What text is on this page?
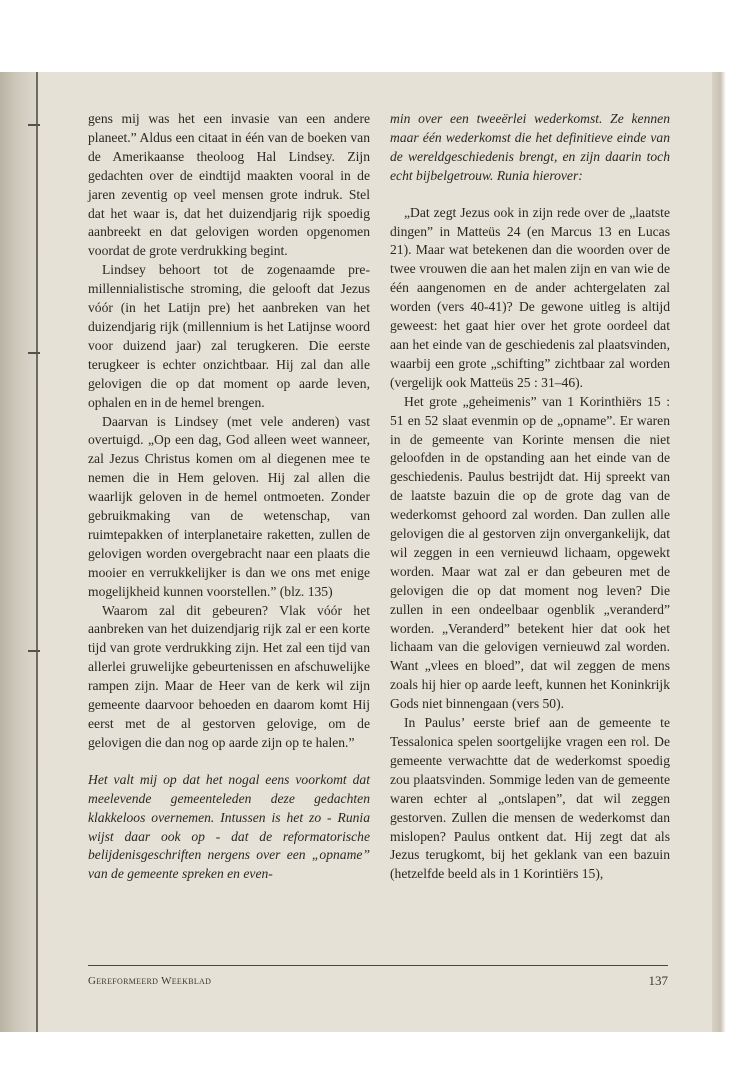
gens mij was het een invasie van een andere planeet.” Aldus een citaat in één van de boeken van de Amerikaanse theoloog Hal Lindsey. Zijn gedachten over de eindtijd maakten vooral in de jaren zeventig op veel mensen grote indruk. Stel dat het waar is, dat het duizendjarig rijk spoedig aanbreekt en dat gelovigen worden opgenomen voordat de grote verdrukking begint.

Lindsey behoort tot de zogenaamde pre-millennialistische stroming, die gelooft dat Jezus vóór (in het Latijn pre) het aanbreken van het duizendjarig rijk (millennium is het Latijnse woord voor duizend jaar) zal terugkeren. Die eerste terugkeer is echter onzichtbaar. Hij zal dan alle gelovigen die op dat moment op aarde leven, ophalen en in de hemel brengen.

Daarvan is Lindsey (met vele anderen) vast overtuigd. „Op een dag, God alleen weet wanneer, zal Jezus Christus komen om al diegenen mee te nemen die in Hem geloven. Hij zal allen die waarlijk geloven in de hemel ontmoeten. Zonder gebruikmaking van de wetenschap, van ruimtepakken of interplanetaire raketten, zullen de gelovigen worden overgebracht naar een plaats die mooier en verrukkelijker is dan we ons met enige mogelijkheid kunnen voorstellen.” (blz. 135)

Waarom zal dit gebeuren? Vlak vóór het aanbreken van het duizendjarig rijk zal er een korte tijd van grote verdrukking zijn. Het zal een tijd van allerlei gruwelijke gebeurtenissen en afschuwelijke rampen zijn. Maar de Heer van de kerk wil zijn gemeente daarvoor behoeden en daarom komt Hij eerst met de al gestorven gelovige, om de gelovigen die dan nog op aarde zijn op te halen.”

Het valt mij op dat het nogal eens voorkomt dat meelevende gemeenteleden deze gedachten klakkeloos overnemen. Intussen is het zo - Runia wijst daar ook op - dat de reformatorische belijdenisgeschriften nergens over een „opname” van de gemeente spreken en even-

min over een tweeërlei wederkomst. Ze kennen maar één wederkomst die het definitieve einde van de wereldgeschiedenis brengt, en zijn daarin toch echt bijbelgetrouw. Runia hierover:

„Dat zegt Jezus ook in zijn rede over de „laatste dingen” in Matteüs 24 (en Marcus 13 en Lucas 21). Maar wat betekenen dan die woorden over de twee vrouwen die aan het malen zijn en van wie de één aangenomen en de ander achtergelaten zal worden (vers 40-41)? De gewone uitleg is altijd geweest: het gaat hier over het grote oordeel dat aan het einde van de geschiedenis zal plaatsvinden, waarbij een grote „schifting” zichtbaar zal worden (vergelijk ook Matteüs 25 : 31–46).

Het grote „geheimenis” van 1 Korinthiërs 15 : 51 en 52 slaat evenmin op de „opname”. Er waren in de gemeente van Korinte mensen die niet geloofden in de opstanding aan het einde van de geschiedenis. Paulus bestrijdt dat. Hij spreekt van de laatste bazuin die op de grote dag van de wederkomst gehoord zal worden. Dan zullen alle gelovigen die al gestorven zijn onvergankelijk, dat wil zeggen in een vernieuwd lichaam, opgewekt worden. Maar wat zal er dan gebeuren met de gelovigen die op dat moment nog leven? Die zullen in een ondeelbaar ogenblik „veranderd” worden. „Veranderd” betekent hier dat ook het lichaam van die gelovigen vernieuwd zal worden. Want „vlees en bloed”, dat wil zeggen de mens zoals hij hier op aarde leeft, kunnen het Koninkrijk Gods niet binnengaan (vers 50).

In Paulus’ eerste brief aan de gemeente te Tessalonica spelen soortgelijke vragen een rol. De gemeente verwachtte dat de wederkomst spoedig zou plaatsvinden. Sommige leden van de gemeente waren echter al „ontslapen”, dat wil zeggen gestorven. Zullen die mensen de wederkomst dan mislopen? Paulus ontkent dat. Hij zegt dat als Jezus terugkomt, bij het geklank van een bazuin (hetzelfde beeld als in 1 Korintiërs 15),

Gereformeerd Weekblad	137
